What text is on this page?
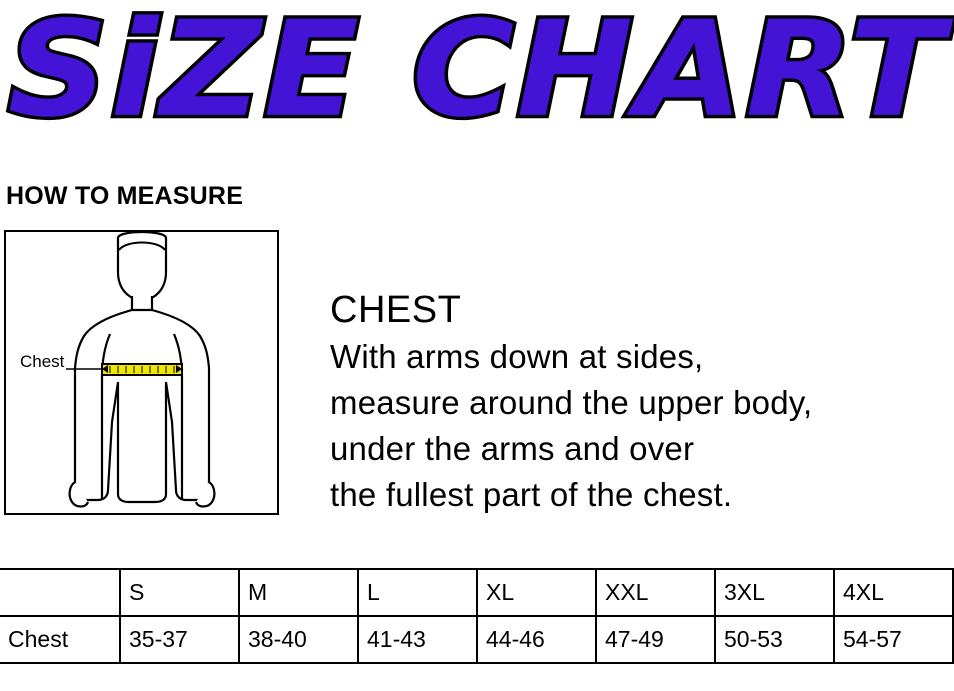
SiZE CHART
HOW TO MEASURE
Chest
CHEST
With arms down at sides,
measure around the upper body,
under the arms and over
the fullest part of the chest.
	S	M	L	XL	XXL	3XL	4XL
Chest	35-37	38-40	41-43	44-46	47-49	50-53	54-57
